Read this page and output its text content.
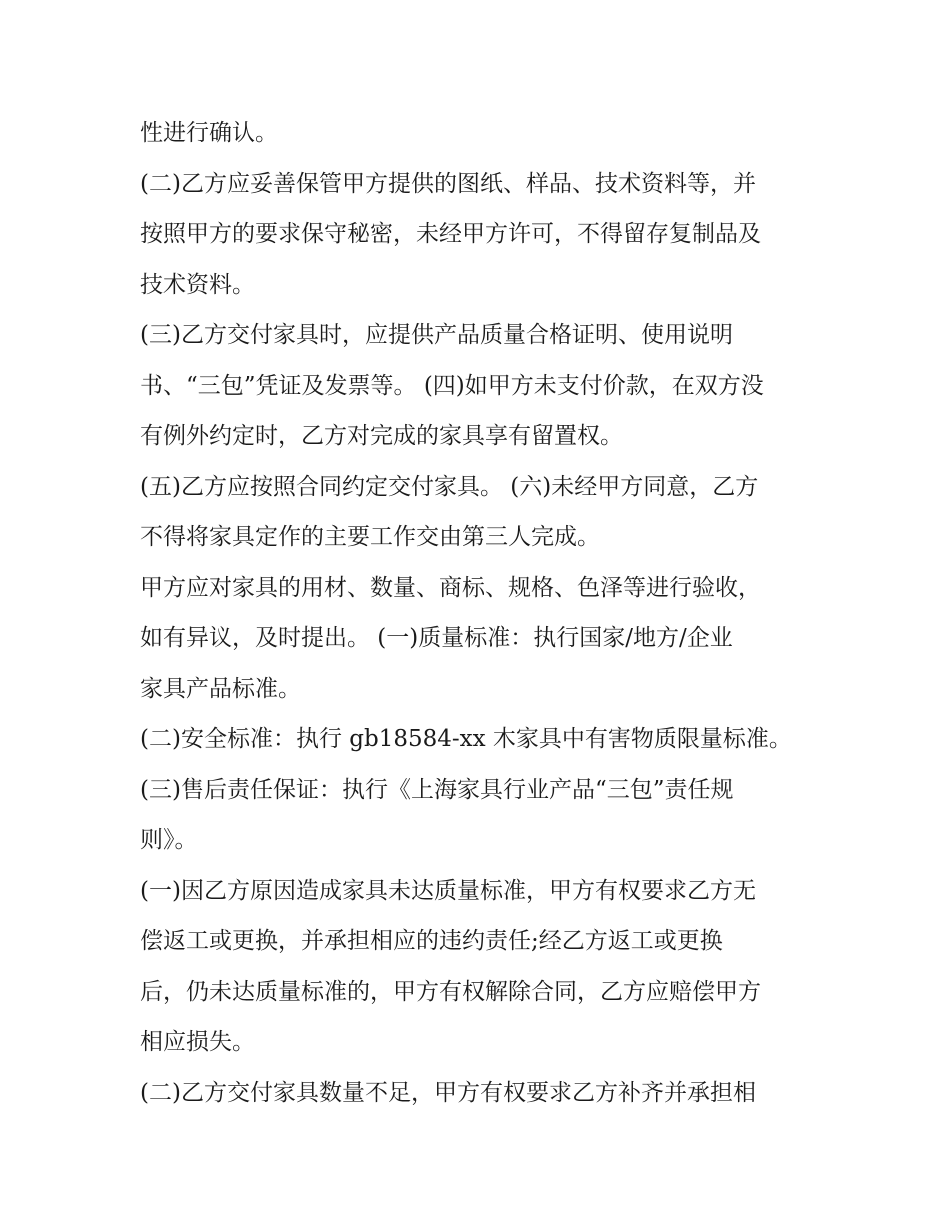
性进行确认。
(二)乙方应妥善保管甲方提供的图纸、样品、技术资料等，并
按照甲方的要求保守秘密，未经甲方许可，不得留存复制品及
技术资料。
(三)乙方交付家具时，应提供产品质量合格证明、使用说明
书、“三包”凭证及发票等。 (四)如甲方未支付价款，在双方没
有例外约定时，乙方对完成的家具享有留置权。
(五)乙方应按照合同约定交付家具。 (六)未经甲方同意，乙方
不得将家具定作的主要工作交由第三人完成。
甲方应对家具的用材、数量、商标、规格、色泽等进行验收，
如有异议，及时提出。 (一)质量标准：执行国家/地方/企业
家具产品标准。
(二)安全标准：执行 gb18584-xx 木家具中有害物质限量标准。
(三)售后责任保证：执行《上海家具行业产品“三包”责任规
则》。
(一)因乙方原因造成家具未达质量标准，甲方有权要求乙方无
偿返工或更换，并承担相应的违约责任;经乙方返工或更换
后，仍未达质量标准的，甲方有权解除合同，乙方应赔偿甲方
相应损失。
(二)乙方交付家具数量不足，甲方有权要求乙方补齐并承担相
